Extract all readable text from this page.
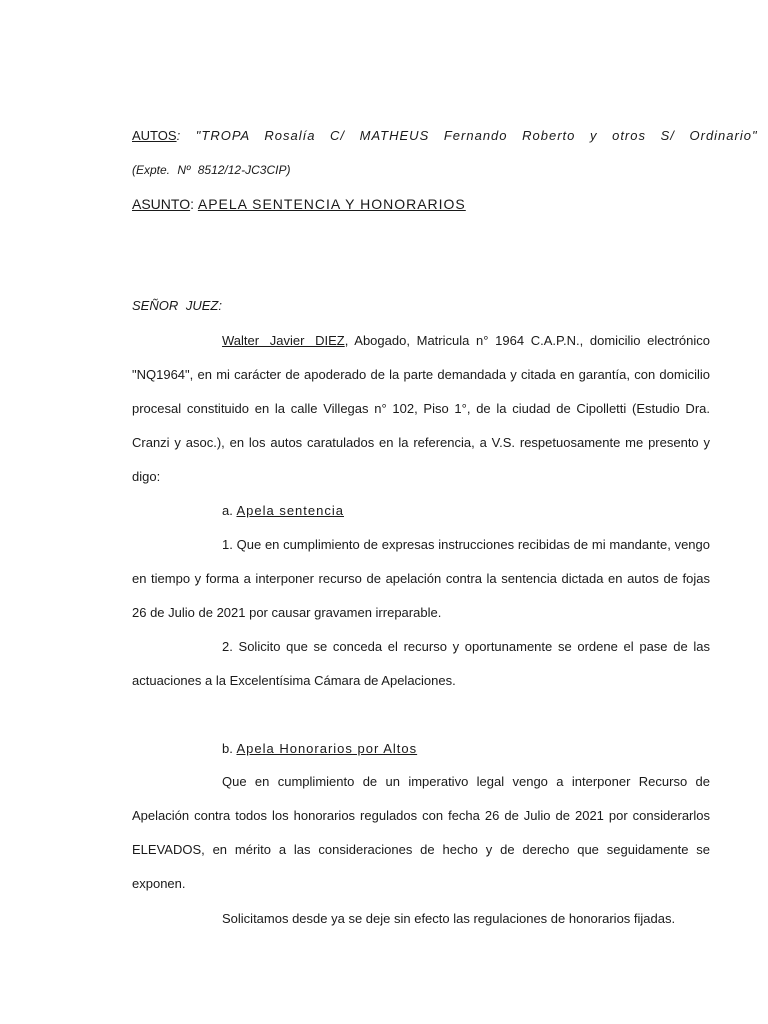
AUTOS: "TROPA Rosalía C/ MATHEUS Fernando Roberto y otros S/ Ordinario"
(Expte. Nº 8512/12-JC3CIP)
ASUNTO: APELA SENTENCIA Y HONORARIOS
SEÑOR JUEZ:
Walter Javier DIEZ, Abogado, Matricula n° 1964 C.A.P.N., domicilio electrónico "NQ1964", en mi carácter de apoderado de la parte demandada y citada en garantía, con domicilio procesal constituido en la calle Villegas n° 102, Piso 1°, de la ciudad de Cipolletti (Estudio Dra. Cranzi y asoc.), en los autos caratulados en la referencia, a V.S. respetuosamente me presento y digo:
a. Apela sentencia
1. Que en cumplimiento de expresas instrucciones recibidas de mi mandante, vengo en tiempo y forma a interponer recurso de apelación contra la sentencia dictada en autos de fojas 26 de Julio de 2021 por causar gravamen irreparable.
2. Solicito que se conceda el recurso y oportunamente se ordene el pase de las actuaciones a la Excelentísima Cámara de Apelaciones.
b. Apela Honorarios por Altos
Que en cumplimiento de un imperativo legal vengo a interponer Recurso de Apelación contra todos los honorarios regulados con fecha 26 de Julio de 2021 por considerarlos ELEVADOS, en mérito a las consideraciones de hecho y de derecho que seguidamente se exponen.
Solicitamos desde ya se deje sin efecto las regulaciones de honorarios fijadas.
